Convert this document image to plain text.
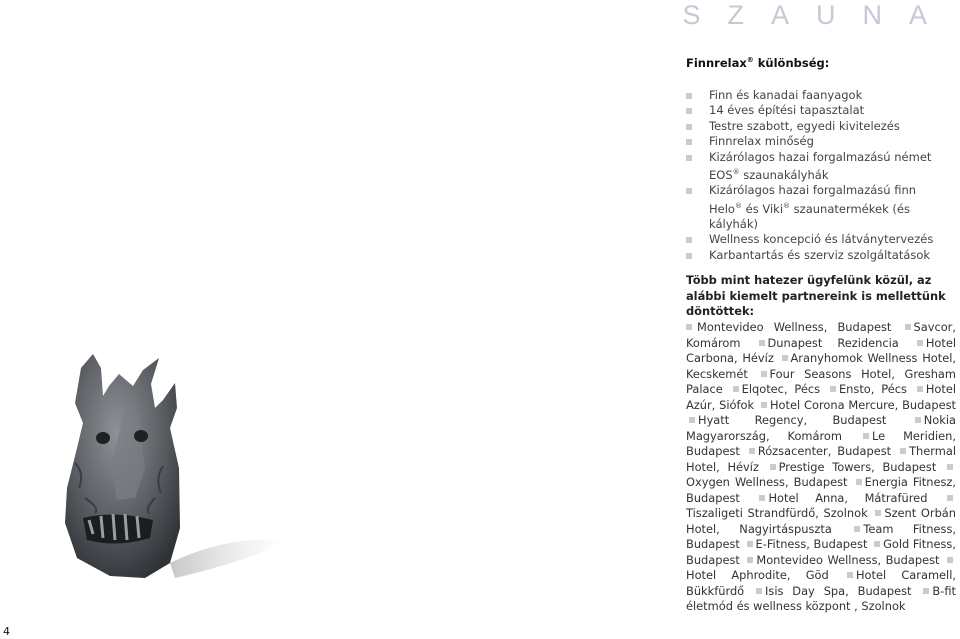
SZAUNA
Finnrelax® különbség:
Finn és kanadai faanyagok
14 éves építési tapasztalat
Testre szabott, egyedi kivitelezés
Finnrelax minőség
Kizárólagos hazai forgalmazású német EOS® szaunakályhák
Kizárólagos hazai forgalmazású finn Helo® és Viki® szaunatermékek (és kályhák)
Wellness koncepció és látványtervezés
Karbantartás és szerviz szolgáltatások

Több mint hatezer ügyfelünk közül, az alábbi kiemelt partnereink is mellettünk döntöttek:

Montevideo Wellness, Budapest Savcor, Komárom Dunapest Rezidencia Hotel Carbona, Hévíz Aranyhomok Wellness Hotel, Kecskemét Four Seasons Hotel, Gresham Palace Elqotec, Pécs Ensto, Pécs Hotel Azúr, Siófok Hotel Corona Mercure, Budapest Hyatt Regency, Budapest	Nokia Magyarország, Komárom	Le Meridien, Budapest Rózsacenter, Budapest Thermal Hotel, Hévíz Prestige Towers, Budapest Oxygen Wellness, Budapest Energia Fitnesz, Budapest	Hotel Anna, Mátrafüred Tiszaligeti Strandfürdő, Szolnok Szent Orbán Hotel, Nagyirtáspuszta	Team Fitness, Budapest E-Fitness, Budapest Gold Fitness, Budapest Montevideo Wellness, Budapest Hotel Aphrodite, Göd Hotel Caramell, Bükkfürdő Isis Day Spa, Budapest B-fit életmód és wellness központ , Szolnok

4
